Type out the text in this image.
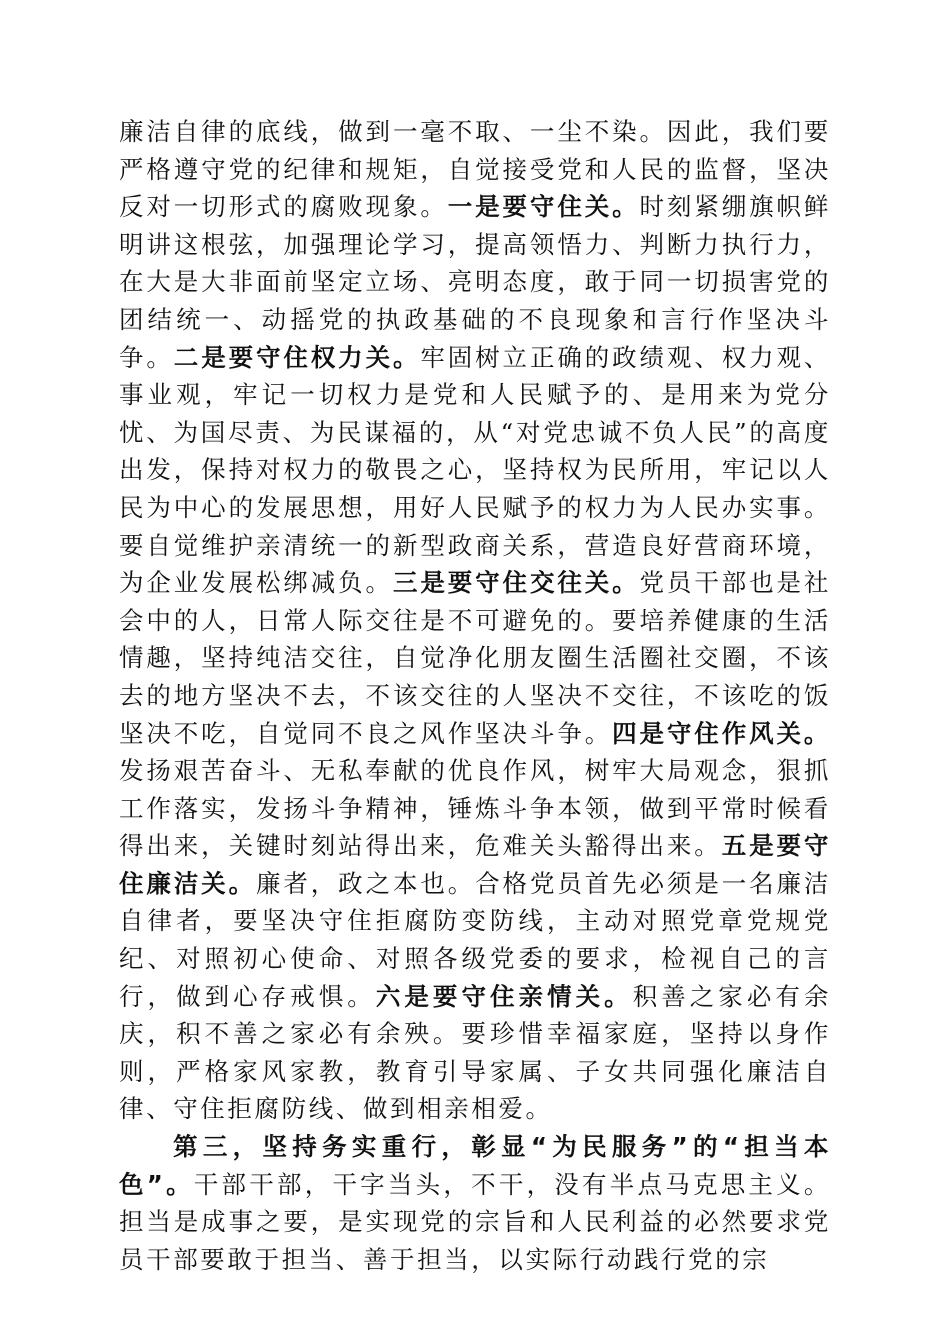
廉洁自律的底线，做到一毫不取、一尘不染。因此，我们要严格遵守党的纪律和规矩，自觉接受党和人民的监督，坚决反对一切形式的腐败现象。一是要守住关。时刻紧绷旗帜鲜明讲这根弦，加强理论学习，提高领悟力、判断力执行力，在大是大非面前坚定立场、亮明态度，敢于同一切损害党的团结统一、动摇党的执政基础的不良现象和言行作坚决斗争。二是要守住权力关。牢固树立正确的政绩观、权力观、事业观，牢记一切权力是党和人民赋予的、是用来为党分忧、为国尽责、为民谋福的，从“对党忠诚不负人民”的高度出发，保持对权力的敬畏之心，坚持权为民所用，牢记以人民为中心的发展思想，用好人民赋予的权力为人民办实事。要自觉维护亲清统一的新型政商关系，营造良好营商环境，为企业发展松绑减负。三是要守住交往关。党员干部也是社会中的人，日常人际交往是不可避免的。要培养健康的生活情趣，坚持纯洁交往，自觉净化朋友圈生活圈社交圈，不该去的地方坚决不去，不该交往的人坚决不交往，不该吃的饭坚决不吃，自觉同不良之风作坚决斗争。四是守住作风关。发扬艰苦奋斗、无私奉献的优良作风，树牢大局观念，狠抓工作落实，发扬斗争精神，锤炼斗争本领，做到平常时候看得出来，关键时刻站得出来，危难关头豁得出来。五是要守住廉洁关。廉者，政之本也。合格党员首先必须是一名廉洁自律者，要坚决守住拒腐防变防线，主动对照党章党规党纪、对照初心使命、对照各级党委的要求，检视自己的言行，做到心存戒惧。六是要守住亲情关。积善之家必有余庆，积不善之家必有余殃。要珍惜幸福家庭，坚持以身作则，严格家风家教，教育引导家属、子女共同强化廉洁自律、守住拒腐防线、做到相亲相爱。

第三，坚持务实重行，彰显“为民服务”的“担当本色”。干部干部，干字当头，不干，没有半点马克思主义。担当是成事之要，是实现党的宗旨和人民利益的必然要求党员干部要敢于担当、善于担当，以实际行动践行党的宗
